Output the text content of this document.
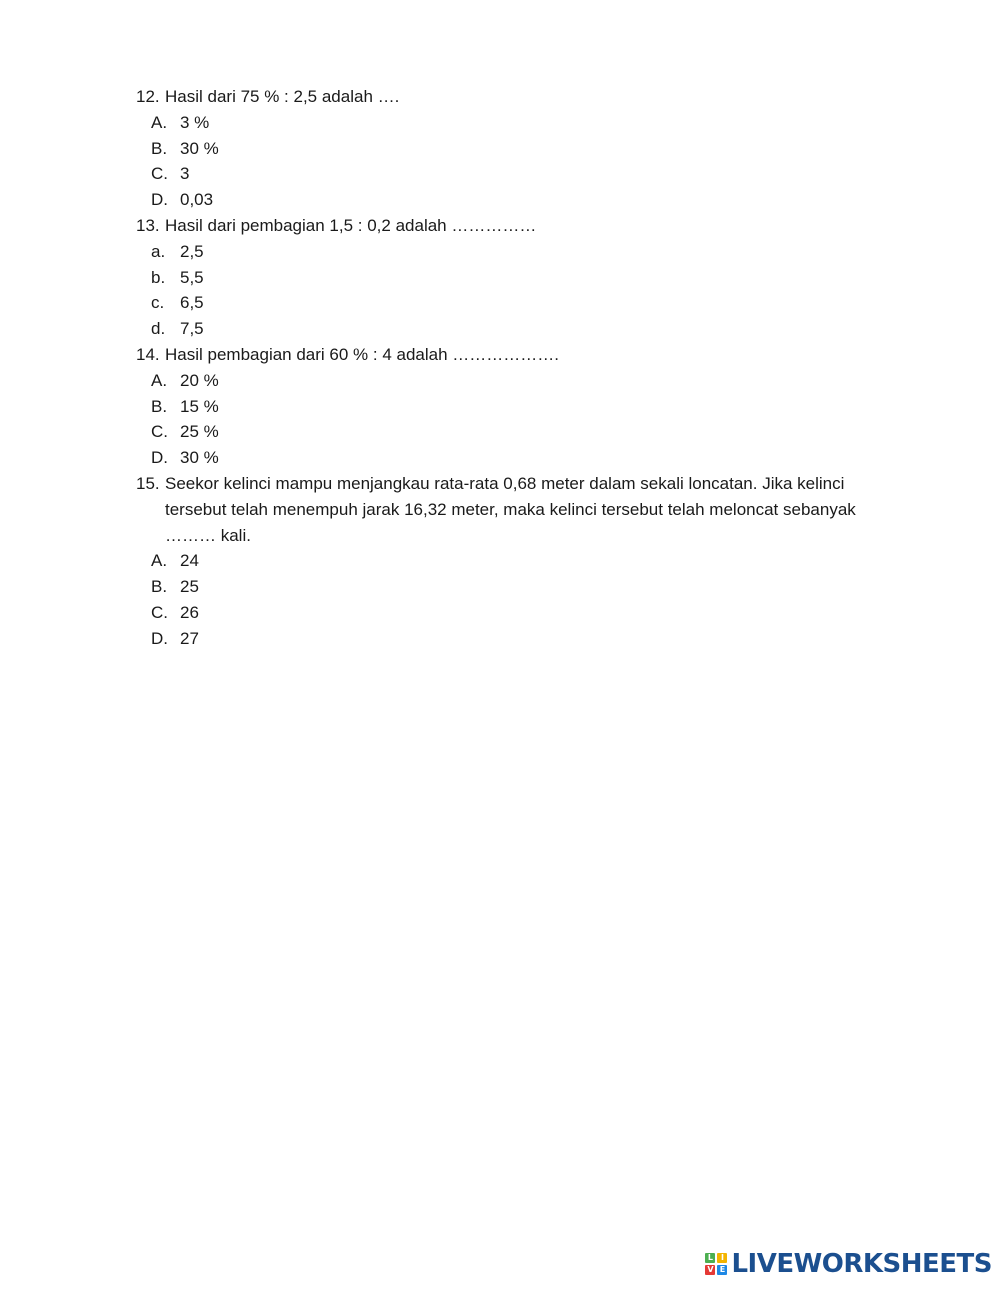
12. Hasil dari 75 % : 2,5 adalah ….
A. 3 %
B. 30 %
C. 3
D. 0,03
13. Hasil dari pembagian 1,5 : 0,2 adalah ……………
a. 2,5
b. 5,5
c. 6,5
d. 7,5
14. Hasil pembagian dari 60 % : 4 adalah ……………….
A. 20 %
B. 15 %
C. 25 %
D. 30 %
15. Seekor kelinci mampu menjangkau rata-rata 0,68 meter dalam sekali loncatan. Jika kelinci tersebut telah menempuh jarak 16,32 meter, maka kelinci tersebut telah meloncat sebanyak ……… kali.
A. 24
B. 25
C. 26
D. 27
L I
V E LIVEWORKSHEETS
